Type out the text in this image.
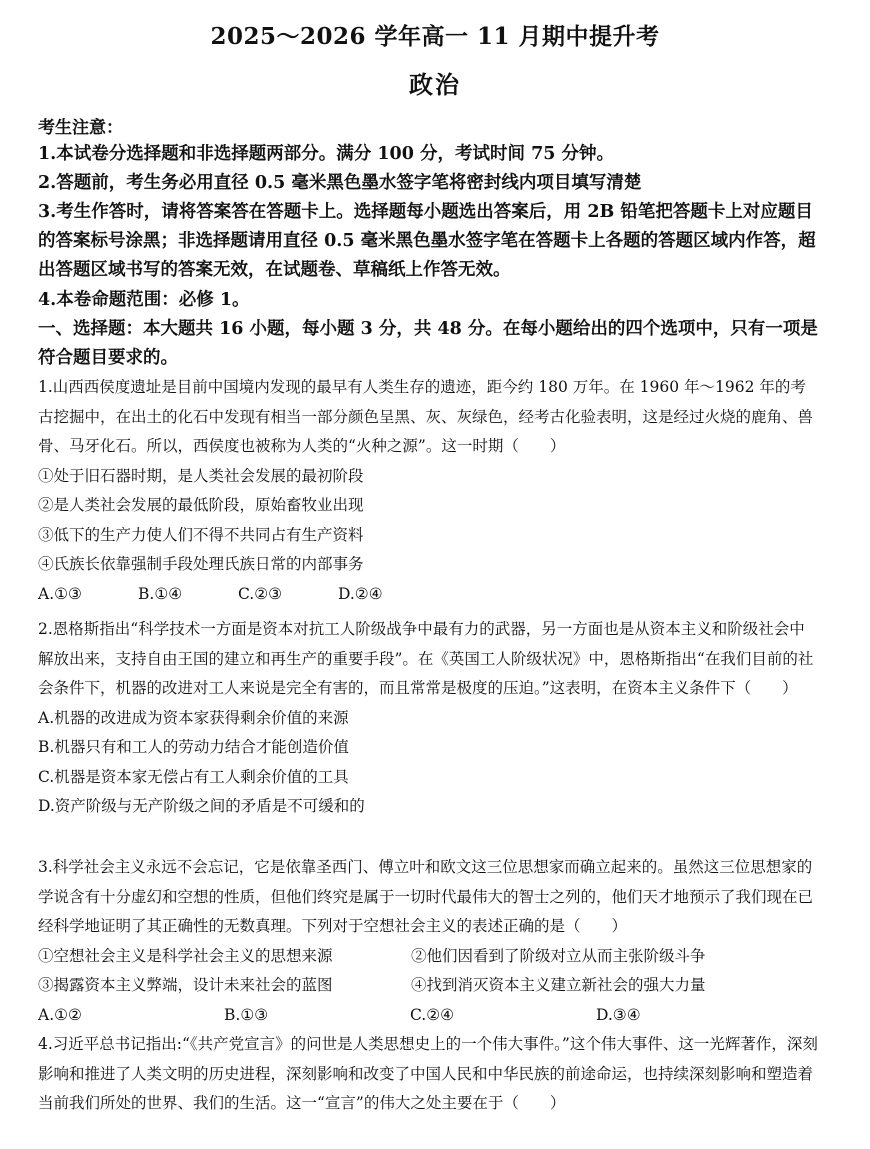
2025～2026 学年高一 11 月期中提升考
政治
考生注意：

1.本试卷分选择题和非选择题两部分。满分 100 分，考试时间 75 分钟。

2.答题前，考生务必用直径 0.5 毫米黑色墨水签字笔将密封线内项目填写清楚

3.考生作答时，请将答案答在答题卡上。选择题每小题选出答案后，用 2B 铅笔把答题卡上对应题目的答案标号涂黑；非选择题请用直径 0.5 毫米黑色墨水签字笔在答题卡上各题的答题区域内作答，超出答题区域书写的答案无效，在试题卷、草稿纸上作答无效。

4.本卷命题范围：必修 1。

一、选择题：本大题共 16 小题，每小题 3 分，共 48 分。在每小题给出的四个选项中，只有一项是符合题目要求的。

1.山西西侯度遗址是目前中国境内发现的最早有人类生存的遗迹，距今约 180 万年。在 1960 年～1962 年的考古挖掘中，在出土的化石中发现有相当一部分颜色呈黑、灰、灰绿色，经考古化验表明，这是经过火烧的鹿角、兽骨、马牙化石。所以，西侯度也被称为人类的“火种之源”。这一时期（　　）

①处于旧石器时期，是人类社会发展的最初阶段

②是人类社会发展的最低阶段，原始畜牧业出现

③低下的生产力使人们不得不共同占有生产资料

④氏族长依靠强制手段处理氏族日常的内部事务

A.①③	B.①④	C.②③	D.②④

2.恩格斯指出“科学技术一方面是资本对抗工人阶级战争中最有力的武器，另一方面也是从资本主义和阶级社会中解放出来，支持自由王国的建立和再生产的重要手段”。在《英国工人阶级状况》中，恩格斯指出“在我们目前的社会条件下，机器的改进对工人来说是完全有害的，而且常常是极度的压迫。”这表明，在资本主义条件下（　　）

A.机器的改进成为资本家获得剩余价值的来源

B.机器只有和工人的劳动力结合才能创造价值

C.机器是资本家无偿占有工人剩余价值的工具

D.资产阶级与无产阶级之间的矛盾是不可缓和的

3.科学社会主义永远不会忘记，它是依靠圣西门、傅立叶和欧文这三位思想家而确立起来的。虽然这三位思想家的学说含有十分虚幻和空想的性质，但他们终究是属于一切时代最伟大的智士之列的，他们天才地预示了我们现在已经科学地证明了其正确性的无数真理。下列对于空想社会主义的表述正确的是（　　）

①空想社会主义是科学社会主义的思想来源	②他们因看到了阶级对立从而主张阶级斗争
③揭露资本主义弊端，设计未来社会的蓝图	④找到消灭资本主义建立新社会的强大力量
A.①②	B.①③	C.②④	D.③④

4.习近平总书记指出:“《共产党宣言》的问世是人类思想史上的一个伟大事件。”这个伟大事件、这一光辉著作，深刻影响和推进了人类文明的历史进程，深刻影响和改变了中国人民和中华民族的前途命运，也持续深刻影响和塑造着当前我们所处的世界、我们的生活。这一“宣言”的伟大之处主要在于（　　）
